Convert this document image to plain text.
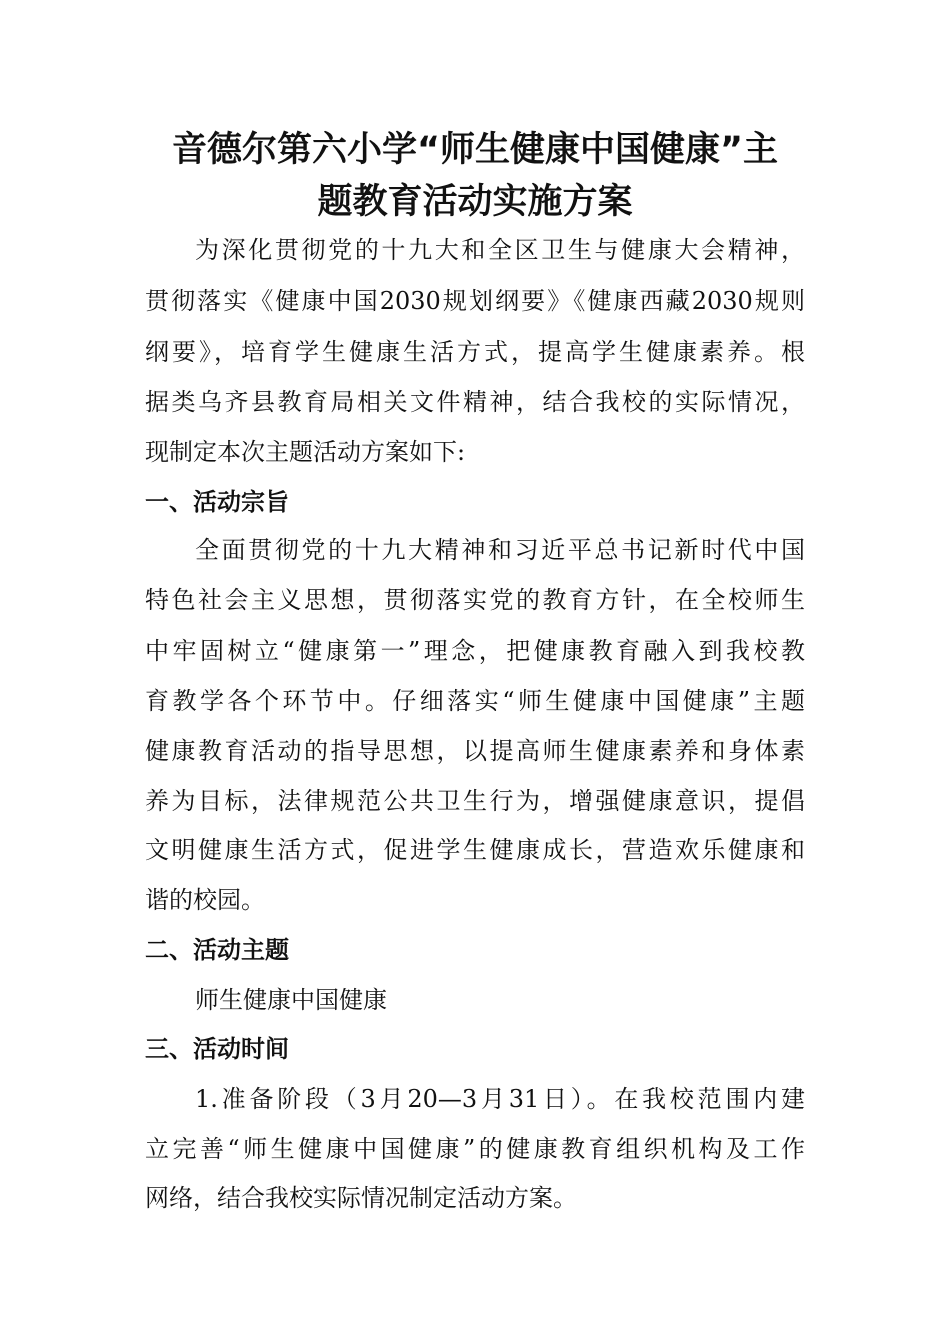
音德尔第六小学“师生健康中国健康”主
题教育活动实施方案
为深化贯彻党的十九大和全区卫生与健康大会精神，
贯彻落实《健康中国2030规划纲要》《健康西藏2030规则
纲要》，培育学生健康生活方式，提高学生健康素养。根
据类乌齐县教育局相关文件精神，结合我校的实际情况，
现制定本次主题活动方案如下:
一、活动宗旨
全面贯彻党的十九大精神和习近平总书记新时代中国
特色社会主义思想，贯彻落实党的教育方针，在全校师生
中牢固树立“健康第一”理念，把健康教育融入到我校教
育教学各个环节中。仔细落实“师生健康中国健康”主题
健康教育活动的指导思想，以提高师生健康素养和身体素
养为目标，法律规范公共卫生行为，增强健康意识，提倡
文明健康生活方式，促进学生健康成长，营造欢乐健康和
谐的校园。
二、活动主题
师生健康中国健康
三、活动时间
1.准备阶段（3月20—3月31日）。在我校范围内建
立完善“师生健康中国健康”的健康教育组织机构及工作
网络，结合我校实际情况制定活动方案。
